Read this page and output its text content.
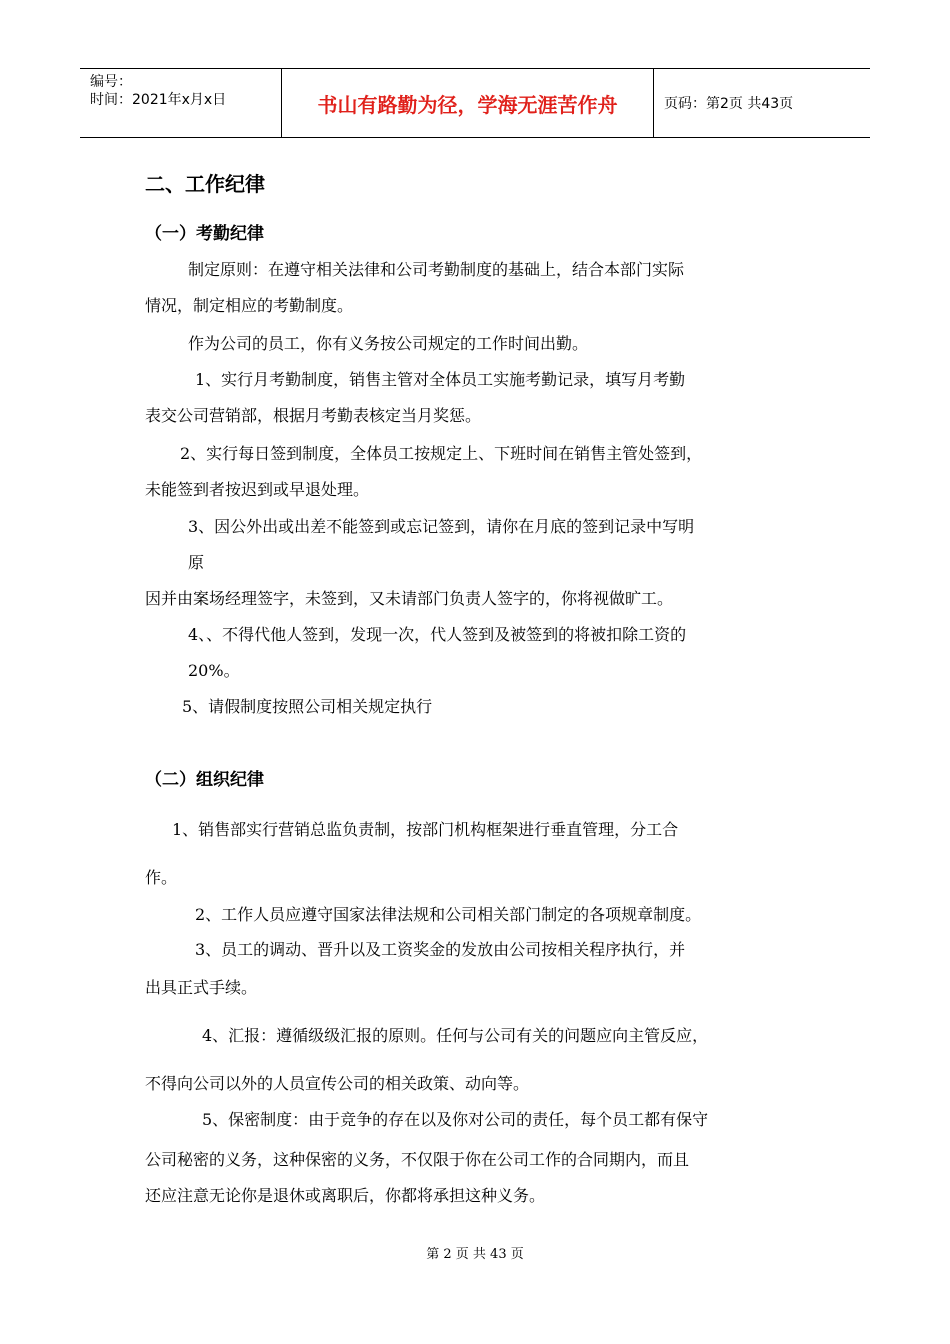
编号：
时间：2021年x月x日	书山有路勤为径，学海无涯苦作舟	页码：第2页 共43页
二、工作纪律
（一）考勤纪律
制定原则：在遵守相关法律和公司考勤制度的基础上，结合本部门实际
情况，制定相应的考勤制度。
作为公司的员工，你有义务按公司规定的工作时间出勤。
1、实行月考勤制度，销售主管对全体员工实施考勤记录，填写月考勤
表交公司营销部，根据月考勤表核定当月奖惩。
2、实行每日签到制度，全体员工按规定上、下班时间在销售主管处签到，
未能签到者按迟到或早退处理。
3、因公外出或出差不能签到或忘记签到，请你在月底的签到记录中写明
原
因并由案场经理签字，未签到，又未请部门负责人签字的，你将视做旷工。
4、、不得代他人签到，发现一次，代人签到及被签到的将被扣除工资的
20%。
5、请假制度按照公司相关规定执行
（二）组织纪律
1、销售部实行营销总监负责制，按部门机构框架进行垂直管理，分工合
作。
2、工作人员应遵守国家法律法规和公司相关部门制定的各项规章制度。
3、员工的调动、晋升以及工资奖金的发放由公司按相关程序执行，并
出具正式手续。
4、汇报：遵循级级汇报的原则。任何与公司有关的问题应向主管反应，
不得向公司以外的人员宣传公司的相关政策、动向等。
5、保密制度：由于竞争的存在以及你对公司的责任，每个员工都有保守
公司秘密的义务，这种保密的义务，不仅限于你在公司工作的合同期内，而且
还应注意无论你是退休或离职后，你都将承担这种义务。
第 2 页 共 43 页
